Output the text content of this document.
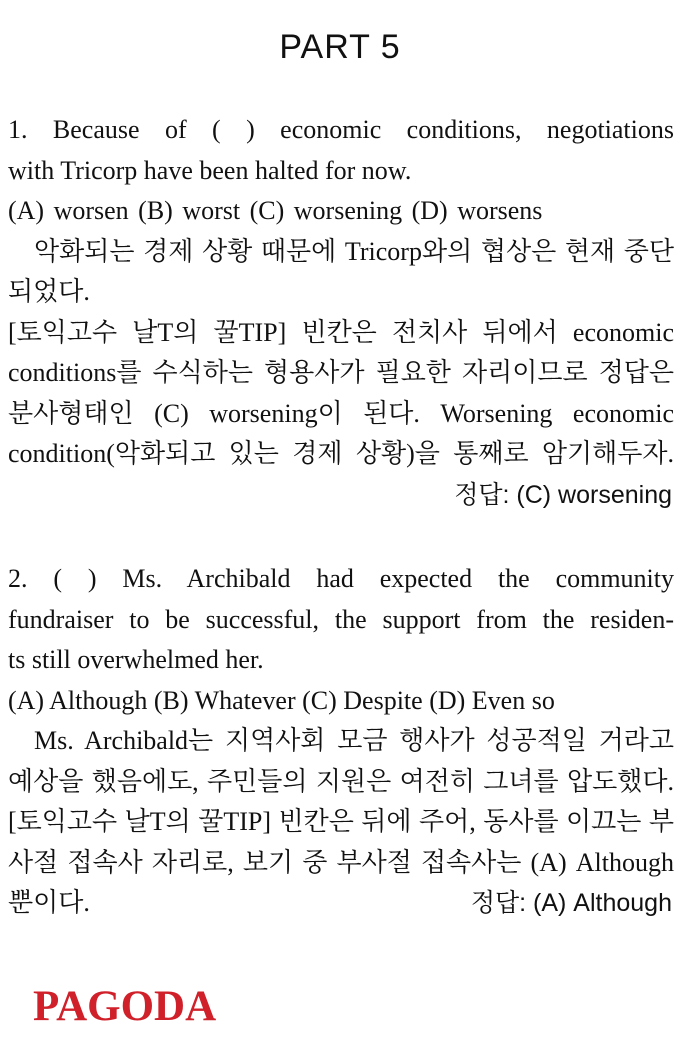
PART 5
1. Because of ( ) economic conditions, negotiations
with Tricorp have been halted for now.
(A) worsen (B) worst (C) worsening (D) worsens
악화되는 경제 상황 때문에 Tricorp와의 협상은 현재 중단
되었다.
[토익고수 날T의 꿀TIP] 빈칸은 전치사 뒤에서 economic
conditions를 수식하는 형용사가 필요한 자리이므로 정답은
분사형태인 (C) worsening이 된다. Worsening economic
condition(악화되고 있는 경제 상황)을 통째로 암기해두자.
정답: (C) worsening
2. ( ) Ms. Archibald had expected the community
fundraiser to be successful, the support from the residen-
ts still overwhelmed her.
(A) Although (B) Whatever (C) Despite (D) Even so
Ms. Archibald는 지역사회 모금 행사가 성공적일 거라고
예상을 했음에도, 주민들의 지원은 여전히 그녀를 압도했다.
[토익고수 날T의 꿀TIP] 빈칸은 뒤에 주어, 동사를 이끄는 부
사절 접속사 자리로, 보기 중 부사절 접속사는 (A) Although
뿐이다.	정답: (A) Although
PAGODA
